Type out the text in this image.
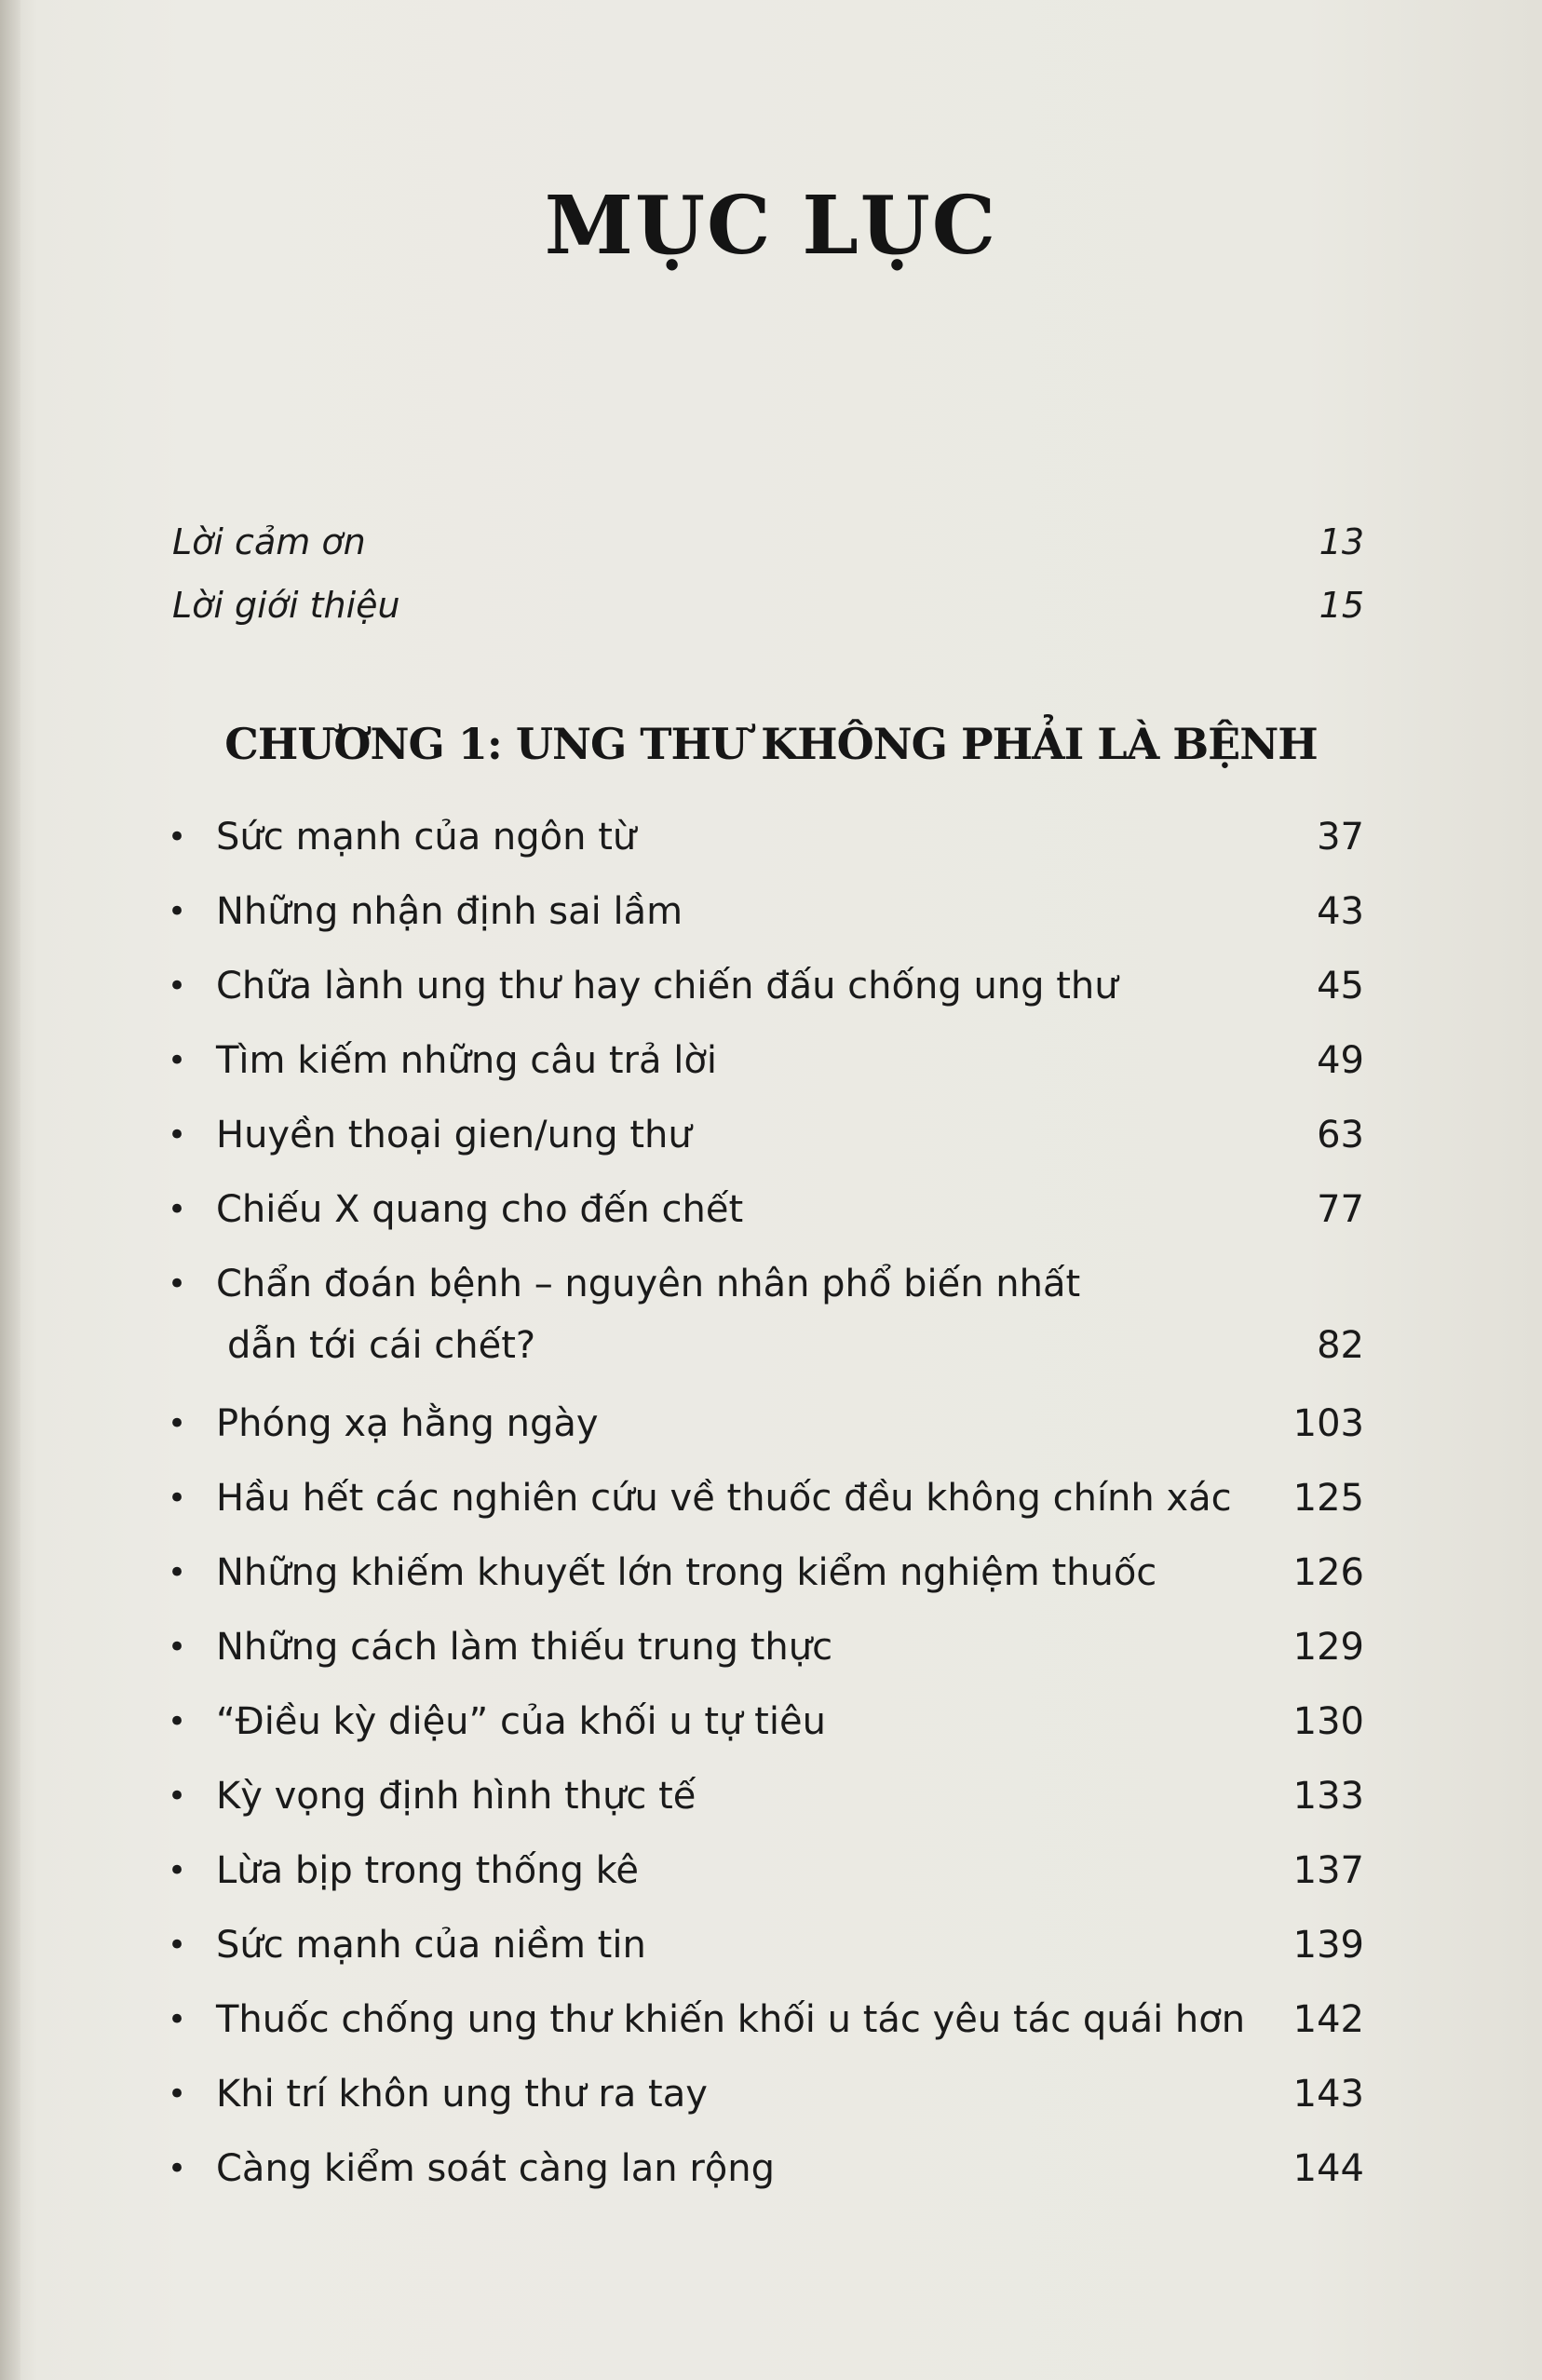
MỤC LỤC
Lời cảm ơn	13
Lời giới thiệu	15
CHƯƠNG 1: UNG THƯ KHÔNG PHẢI LÀ BỆNH
• Sức mạnh của ngôn từ	37
• Những nhận định sai lầm	43
• Chữa lành ung thư hay chiến đấu chống ung thư	45
• Tìm kiếm những câu trả lời	49
• Huyền thoại gien/ung thư	63
• Chiếu X quang cho đến chết	77
• Chẩn đoán bệnh – nguyên nhân phổ biến nhất
dẫn tới cái chết?	82
• Phóng xạ hằng ngày	103
• Hầu hết các nghiên cứu về thuốc đều không chính xác 125
• Những khiếm khuyết lớn trong kiểm nghiệm thuốc	126
• Những cách làm thiếu trung thực	129
• “Điều kỳ diệu” của khối u tự tiêu	130
• Kỳ vọng định hình thực tế	133
• Lừa bịp trong thống kê	137
• Sức mạnh của niềm tin	139
• Thuốc chống ung thư khiến khối u tác yêu tác quái hơn 142
• Khi trí khôn ung thư ra tay	143
• Càng kiểm soát càng lan rộng	144
